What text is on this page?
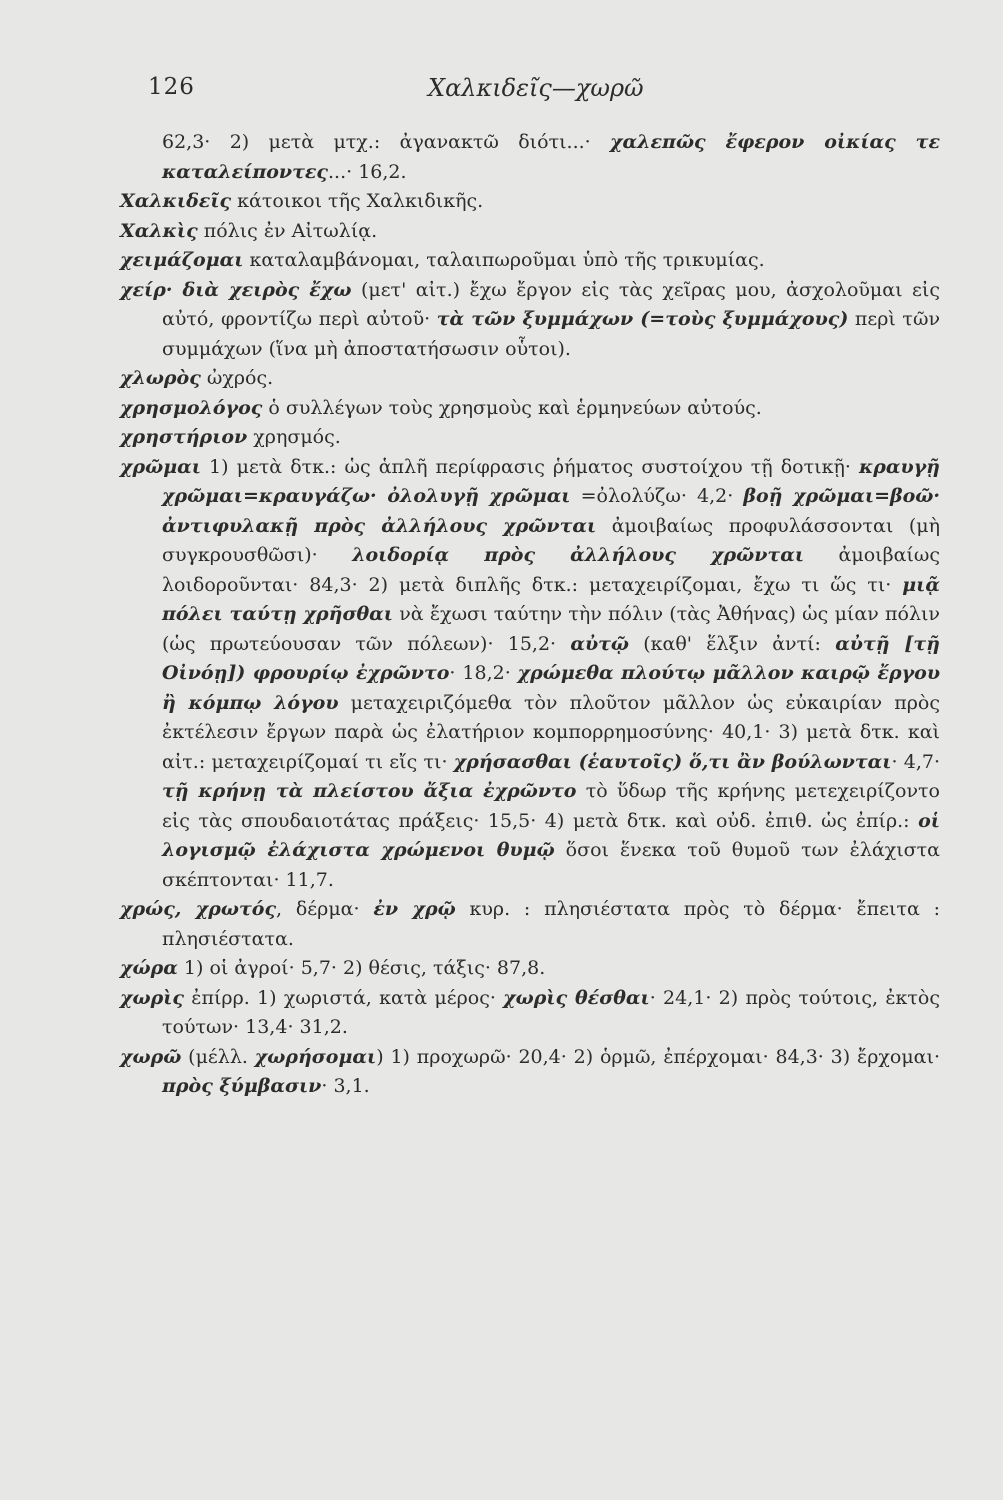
126	Χαλκιδεῖς—χωρῶ

62,3· 2) μετὰ μτχ.: ἀγανακτῶ διότι...· χαλεπῶς ἔφερον οἰκίας τε καταλείποντες...· 16,2.

Χαλκιδεῖς κάτοικοι τῆς Χαλκιδικῆς.

Χαλκὶς πόλις ἐν Αἰτωλίᾳ.

χειμάζομαι καταλαμβάνομαι, ταλαιπωροῦμαι ὑπὸ τῆς τρικυμίας.

χείρ· διὰ χειρὸς ἔχω (μετ' αἰτ.) ἔχω ἔργον εἰς τὰς χεῖρας μου, ἀσχολοῦμαι εἰς αὐτό, φροντίζω περὶ αὐτοῦ· τὰ τῶν ξυμμάχων (=τοὺς ξυμμάχους) περὶ τῶν συμμάχων (ἵνα μὴ ἀποστατήσωσιν οὗτοι).

χλωρὸς ὠχρός.

χρησμολόγος ὁ συλλέγων τοὺς χρησμοὺς καὶ ἑρμηνεύων αὐτούς.

χρηστήριον χρησμός.

χρῶμαι 1) μετὰ δτκ.: ὡς ἁπλῆ περίφρασις ῥήματος συστοίχου τῇ δοτικῇ· κραυγῇ χρῶμαι=κραυγάζω· ὀλολυγῇ χρῶμαι =ὀλολύζω· 4,2· βοῇ χρῶμαι=βοῶ· ἀντιφυλακῇ πρὸς ἀλλήλους χρῶνται ἀμοιβαίως προφυλάσσονται (μὴ συγκρουσθῶσι)· λοιδορίᾳ πρὸς ἀλλήλους χρῶνται ἀμοιβαίως λοιδοροῦνται· 84,3· 2) μετὰ διπλῆς δτκ.: μεταχειρίζομαι, ἔχω τι ὥς τι· μιᾷ πόλει ταύτῃ χρῆσθαι νὰ ἔχωσι ταύτην τὴν πόλιν (τὰς Ἀθήνας) ὡς μίαν πόλιν (ὡς πρωτεύουσαν τῶν πόλεων)· 15,2· αὐτῷ (καθ' ἕλξιν ἀντί: αὐτῇ [τῇ Οἰνόῃ]) φρουρίῳ ἐχρῶντο· 18,2· χρώμεθα πλούτῳ μᾶλλον καιρῷ ἔργου ἢ κόμπῳ λόγου μεταχειριζόμεθα τὸν πλοῦτον μᾶλλον ὡς εὐκαιρίαν πρὸς ἐκτέλεσιν ἔργων παρὰ ὡς ἐλατήριον κομπορρημοσύνης· 40,1· 3) μετὰ δτκ. καὶ αἰτ.: μεταχειρίζομαί τι εἴς τι· χρήσασθαι (ἑαυτοῖς) ὅ,τι ἂν βούλωνται· 4,7· τῇ κρήνῃ τὰ πλείστου ἄξια ἐχρῶντο τὸ ὕδωρ τῆς κρήνης μετεχειρίζοντο εἰς τὰς σπουδαιοτάτας πράξεις· 15,5· 4) μετὰ δτκ. καὶ οὐδ. ἐπιθ. ὡς ἐπίρ.: οἱ λογισμῷ ἐλάχιστα χρώμενοι θυμῷ ὅσοι ἕνεκα τοῦ θυμοῦ των ἐλάχιστα σκέπτονται· 11,7.

χρώς, χρωτός, δέρμα· ἐν χρῷ κυρ. : πλησιέστατα πρὸς τὸ δέρμα· ἔπειτα : πλησιέστατα.

χώρα 1) οἱ ἀγροί· 5,7· 2) θέσις, τάξις· 87,8.

χωρὶς ἐπίρρ. 1) χωριστά, κατὰ μέρος· χωρὶς θέσθαι· 24,1· 2) πρὸς τούτοις, ἐκτὸς τούτων· 13,4· 31,2.

χωρῶ (μέλλ. χωρήσομαι) 1) προχωρῶ· 20,4· 2) ὁρμῶ, ἐπέρχομαι· 84,3· 3) ἔρχομαι· πρὸς ξύμβασιν· 3,1.
